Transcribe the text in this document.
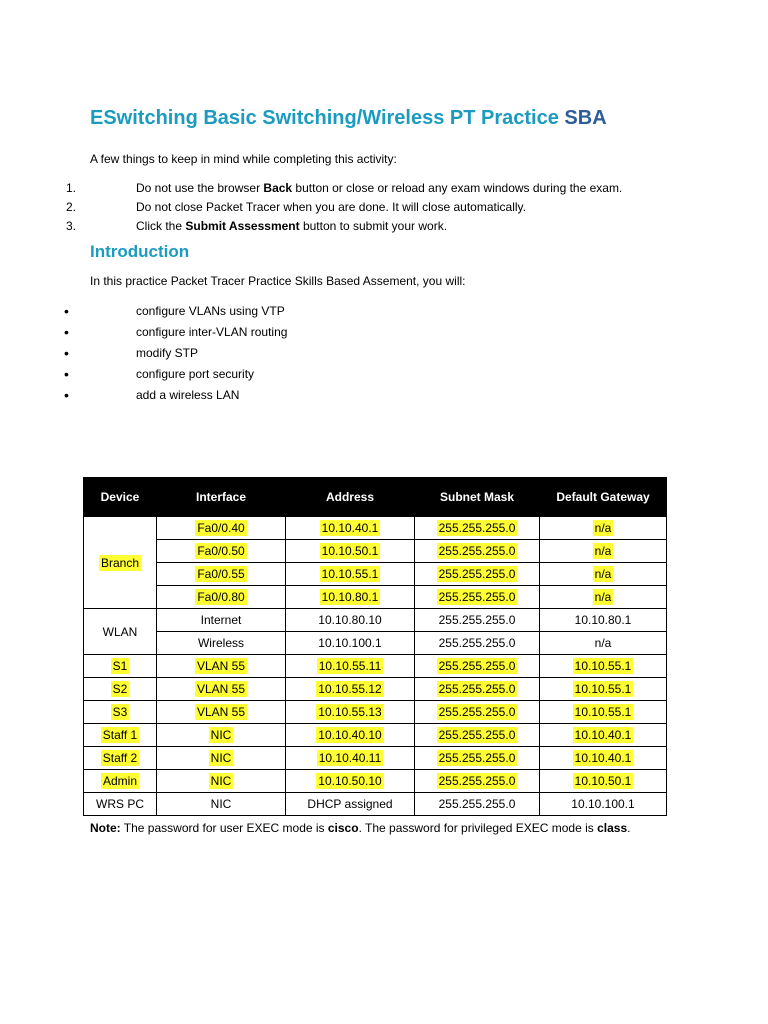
ESwitching Basic Switching/Wireless PT Practice SBA

A few things to keep in mind while completing this activity:

1.	Do not use the browser Back button or close or reload any exam windows during the exam.
2.	Do not close Packet Tracer when you are done. It will close automatically.
3.	Click the Submit Assessment button to submit your work.
Introduction

In this practice Packet Tracer Practice Skills Based Assement, you will:

•	configure VLANs using VTP
•	configure inter-VLAN routing
•	modify STP
•	configure port security
•	add a wireless LAN
Device	Interface	Address	Subnet Mask	Default Gateway
Branch	Fa0/0.40	10.10.40.1	255.255.255.0	n/a
	Fa0/0.50	10.10.50.1	255.255.255.0	n/a
	Fa0/0.55	10.10.55.1	255.255.255.0	n/a
	Fa0/0.80	10.10.80.1	255.255.255.0	n/a
WLAN	Internet	10.10.80.10	255.255.255.0	10.10.80.1
	Wireless	10.10.100.1	255.255.255.0	n/a
S1	VLAN 55	10.10.55.11	255.255.255.0	10.10.55.1
S2	VLAN 55	10.10.55.12	255.255.255.0	10.10.55.1
S3	VLAN 55	10.10.55.13	255.255.255.0	10.10.55.1
Staff 1	NIC	10.10.40.10	255.255.255.0	10.10.40.1
Staff 2	NIC	10.10.40.11	255.255.255.0	10.10.40.1
Admin	NIC	10.10.50.10	255.255.255.0	10.10.50.1
WRS PC	NIC	DHCP assigned	255.255.255.0	10.10.100.1

Note: The password for user EXEC mode is cisco. The password for privileged EXEC mode is class.
